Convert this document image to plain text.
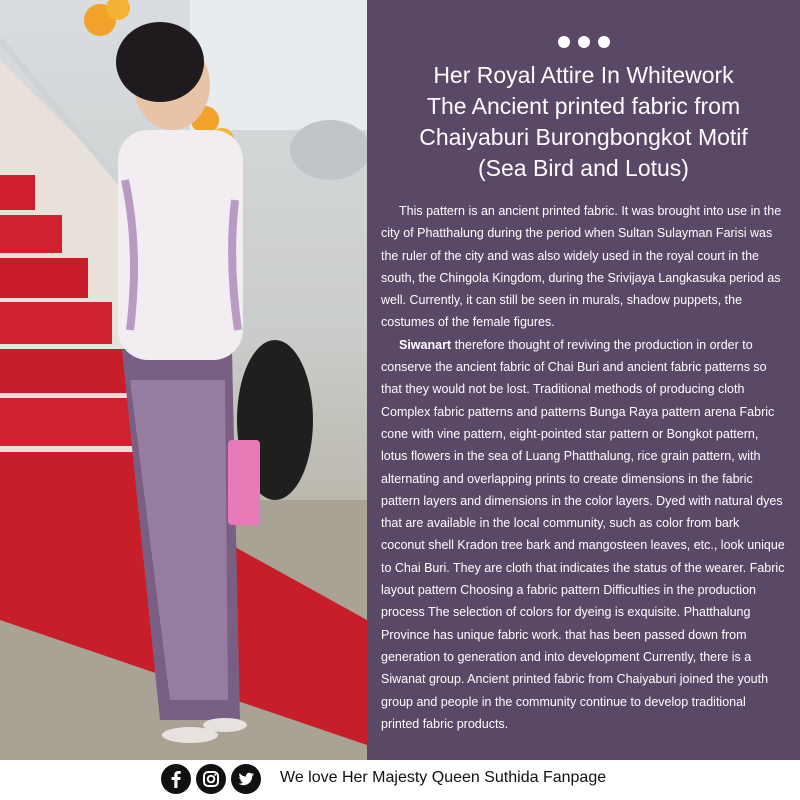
Her Royal Attire In Whitework
The Ancient printed fabric from
Chaiyaburi Burongbongkot Motif
(Sea Bird and Lotus)

This pattern is an ancient printed fabric. It was brought into use in the city of Phatthalung during the period when Sultan Sulayman Farisi was the ruler of the city and was also widely used in the royal court in the south, the Chingola Kingdom, during the Srivijaya Langkasuka period as well. Currently, it can still be seen in murals, shadow puppets, the costumes of the female figures.

Siwanart therefore thought of reviving the production in order to conserve the ancient fabric of Chai Buri and ancient fabric patterns so that they would not be lost. Traditional methods of producing cloth Complex fabric patterns and patterns Bunga Raya pattern arena Fabric cone with vine pattern, eight-pointed star pattern or Bongkot pattern, lotus flowers in the sea of Luang Phatthalung, rice grain pattern, with alternating and overlapping prints to create dimensions in the fabric pattern layers and dimensions in the color layers. Dyed with natural dyes that are available in the local community, such as color from bark coconut shell Kradon tree bark and mangosteen leaves, etc., look unique to Chai Buri. They are cloth that indicates the status of the wearer. Fabric layout pattern Choosing a fabric pattern Difficulties in the production process The selection of colors for dyeing is exquisite. Phatthalung Province has unique fabric work. that has been passed down from generation to generation and into development Currently, there is a Siwanat group. Ancient printed fabric from Chaiyaburi joined the youth group and people in the community continue to develop traditional printed fabric products.

We love Her Majesty Queen Suthida Fanpage
